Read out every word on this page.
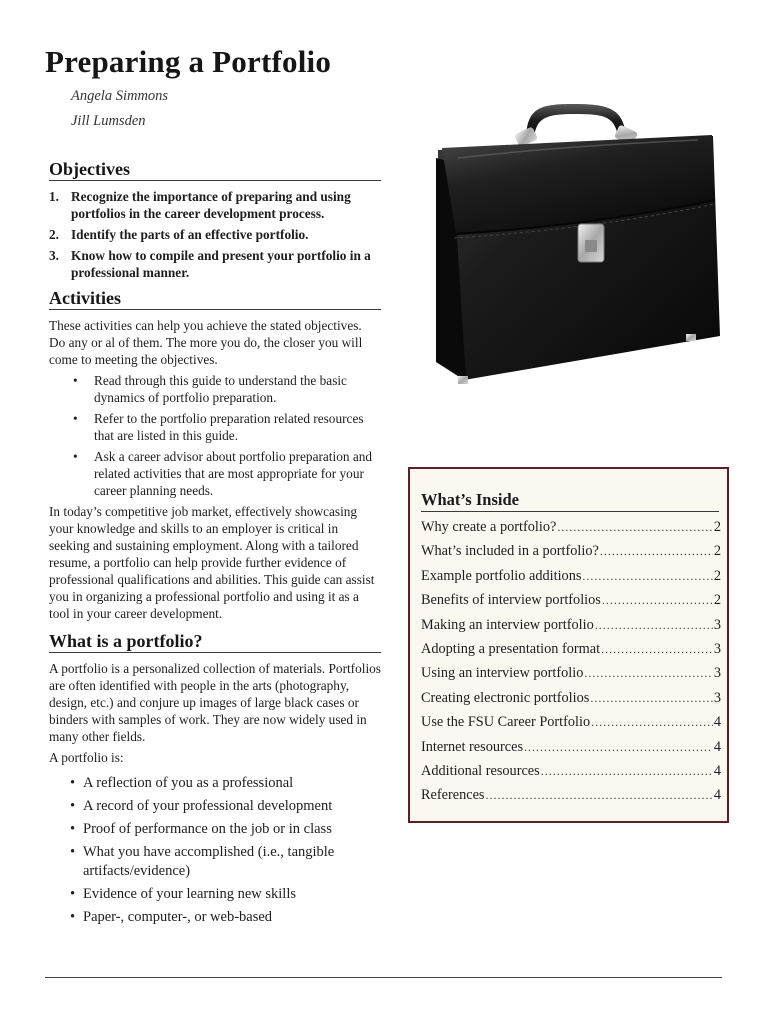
Preparing a Portfolio
Angela Simmons
Jill Lumsden
Objectives
1. Recognize the importance of preparing and using portfolios in the career development process.
2. Identify the parts of an effective portfolio.
3. Know how to compile and present your portfolio in a professional manner.
Activities

These activities can help you achieve the stated objectives. Do any or al of them. The more you do, the closer you will come to meeting the objectives.

• Read through this guide to understand the basic dynamics of portfolio preparation.
• Refer to the portfolio preparation related resources that are listed in this guide.
• Ask a career advisor about portfolio preparation and related activities that are most appropriate for your career planning needs.

In today’s competitive job market, effectively showcasing your knowledge and skills to an employer is critical in seeking and sustaining employment. Along with a tailored resume, a portfolio can help provide further evidence of professional qualifications and abilities. This guide can assist you in organizing a professional portfolio and using it as a tool in your career development.

What is a portfolio?

A portfolio is a personalized collection of materials. Portfolios are often identified with people in the arts (photography, design, etc.) and conjure up images of large black cases or binders with samples of work. They are now widely used in many other fields.

A portfolio is:

• A reflection of you as a professional
• A record of your professional development
• Proof of performance on the job or in class
• What you have accomplished (i.e., tangible artifacts/evidence)
• Evidence of your learning new skills
• Paper-, computer-, or web-based
What’s Inside
Why create a portfolio? .....	2
What’s included in a portfolio? .....	2
Example portfolio additions .....	2
Benefits of interview portfolios .....	2
Making an interview portfolio .....	3
Adopting a presentation format .....	3
Using an interview portfolio .....	3
Creating electronic portfolios .....	3
Use the FSU Career Portfolio .....	4
Internet resources .....	4
Additional resources .....	4
References .....	4
